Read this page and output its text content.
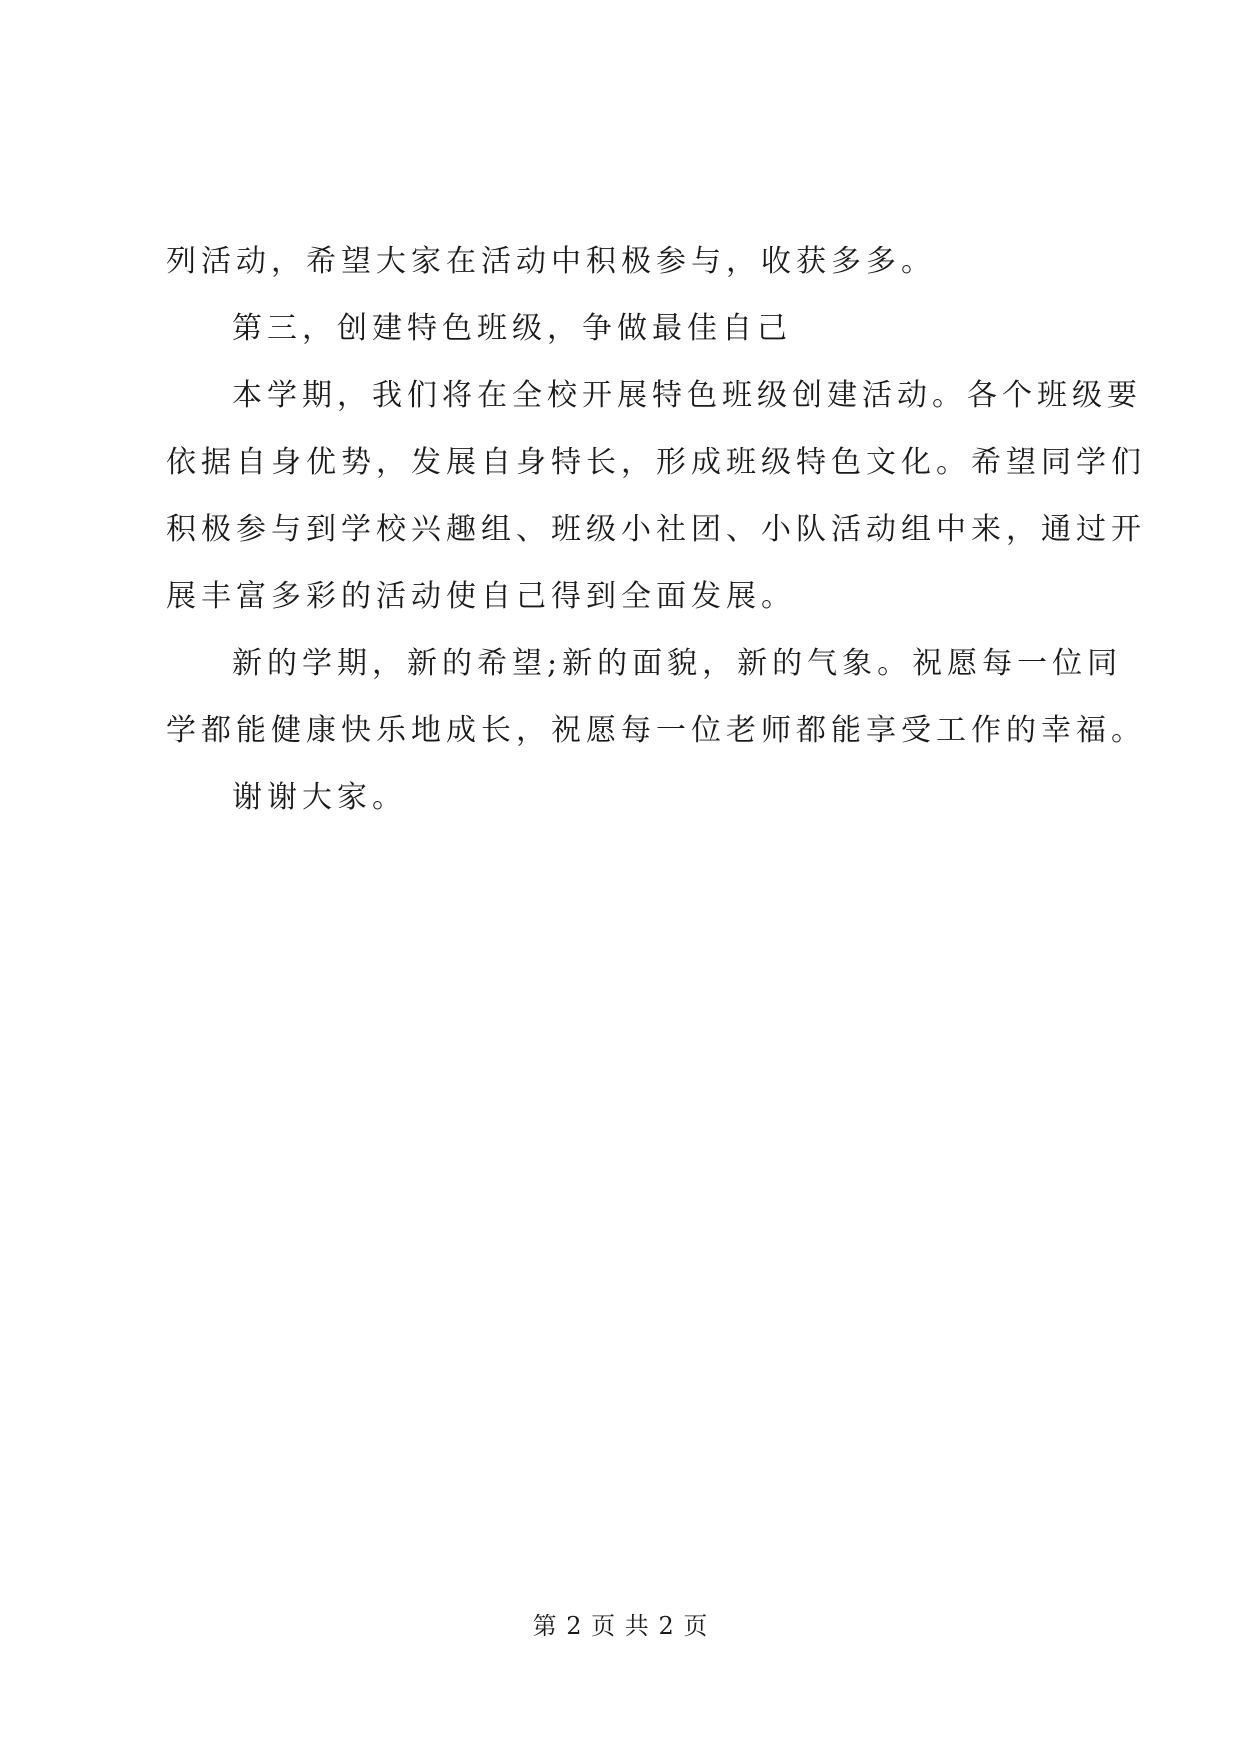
列活动，希望大家在活动中积极参与，收获多多。
第三，创建特色班级，争做最佳自己
本学期，我们将在全校开展特色班级创建活动。各个班级要
依据自身优势，发展自身特长，形成班级特色文化。希望同学们
积极参与到学校兴趣组、班级小社团、小队活动组中来，通过开
展丰富多彩的活动使自己得到全面发展。
新的学期，新的希望;新的面貌，新的气象。祝愿每一位同
学都能健康快乐地成长，祝愿每一位老师都能享受工作的幸福。
谢谢大家。
第 2 页 共 2 页
